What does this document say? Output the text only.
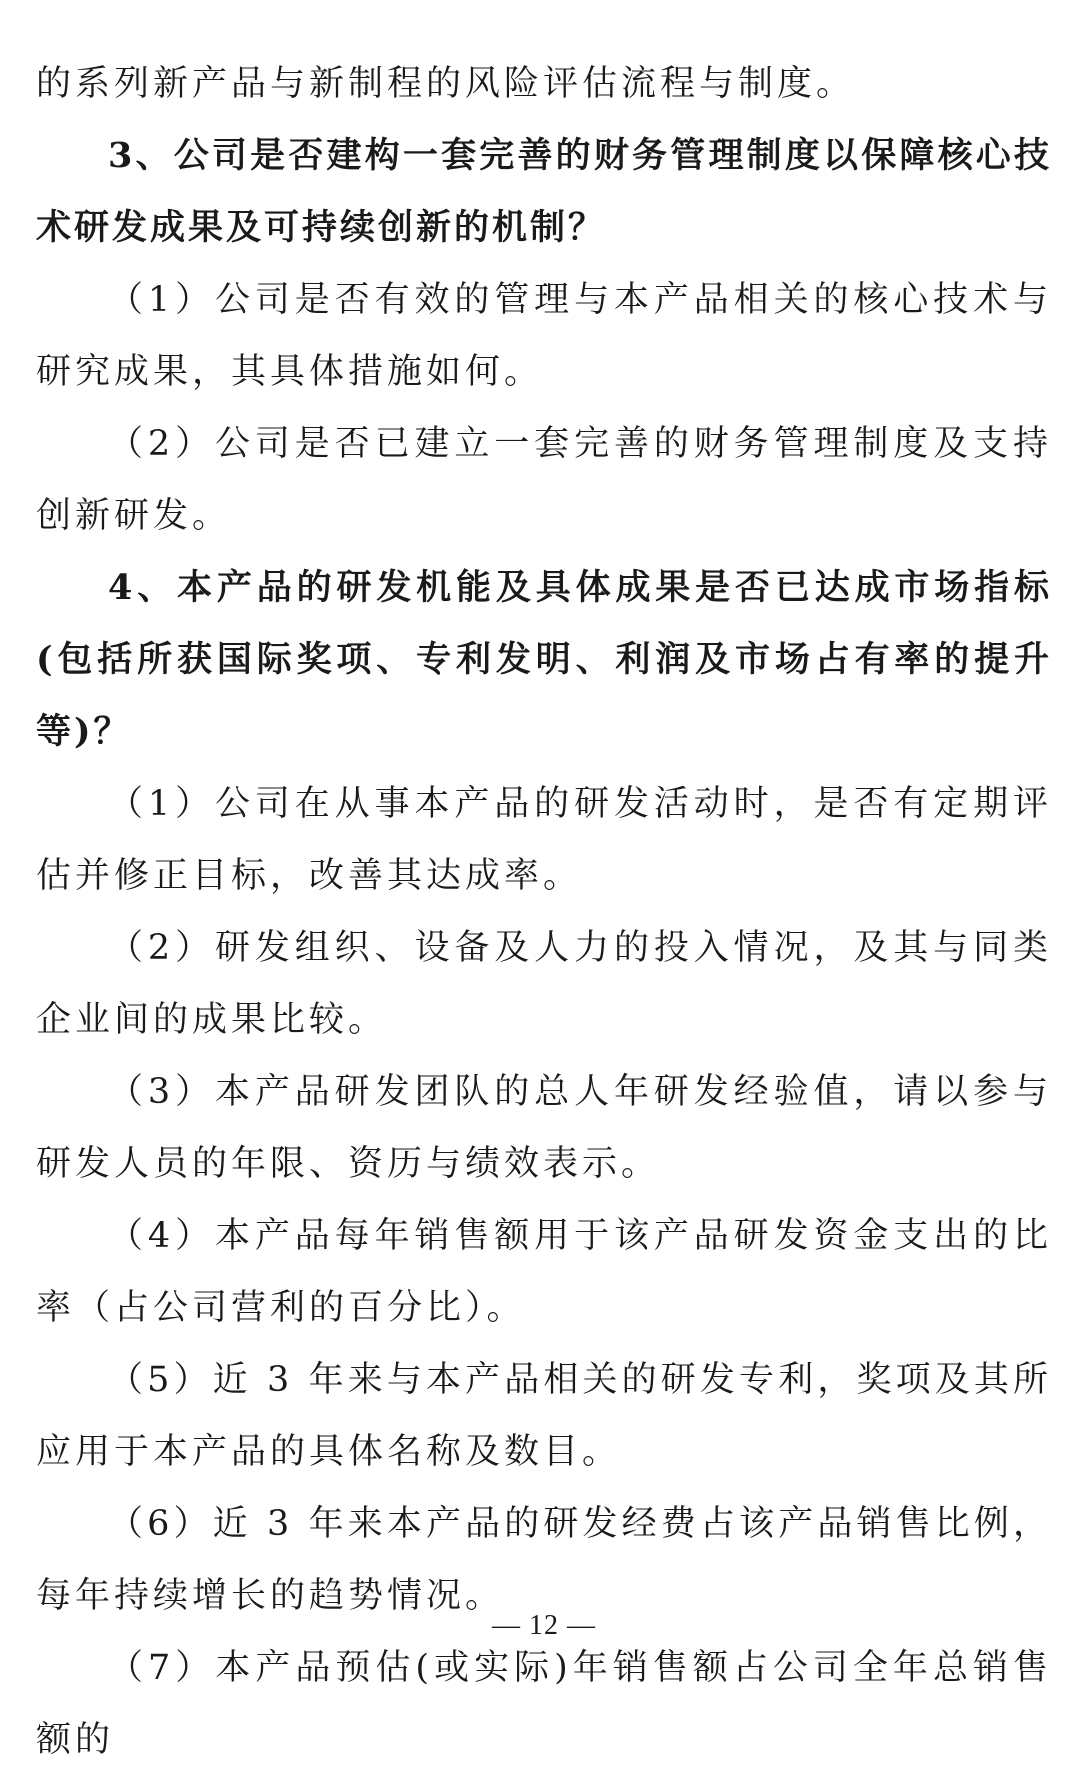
的系列新产品与新制程的风险评估流程与制度。

3、公司是否建构一套完善的财务管理制度以保障核心技术研发成果及可持续创新的机制？

（1）公司是否有效的管理与本产品相关的核心技术与研究成果，其具体措施如何。

（2）公司是否已建立一套完善的财务管理制度及支持创新研发。

4、本产品的研发机能及具体成果是否已达成市场指标(包括所获国际奖项、专利发明、利润及市场占有率的提升等)？

（1）公司在从事本产品的研发活动时，是否有定期评估并修正目标，改善其达成率。

（2）研发组织、设备及人力的投入情况，及其与同类企业间的成果比较。

（3）本产品研发团队的总人年研发经验值，请以参与研发人员的年限、资历与绩效表示。

（4）本产品每年销售额用于该产品研发资金支出的比率（占公司营利的百分比）。

（5）近 3 年来与本产品相关的研发专利，奖项及其所应用于本产品的具体名称及数目。

（6）近 3 年来本产品的研发经费占该产品销售比例，每年持续增长的趋势情况。

（7）本产品预估(或实际)年销售额占公司全年总销售额的

— 12 —
